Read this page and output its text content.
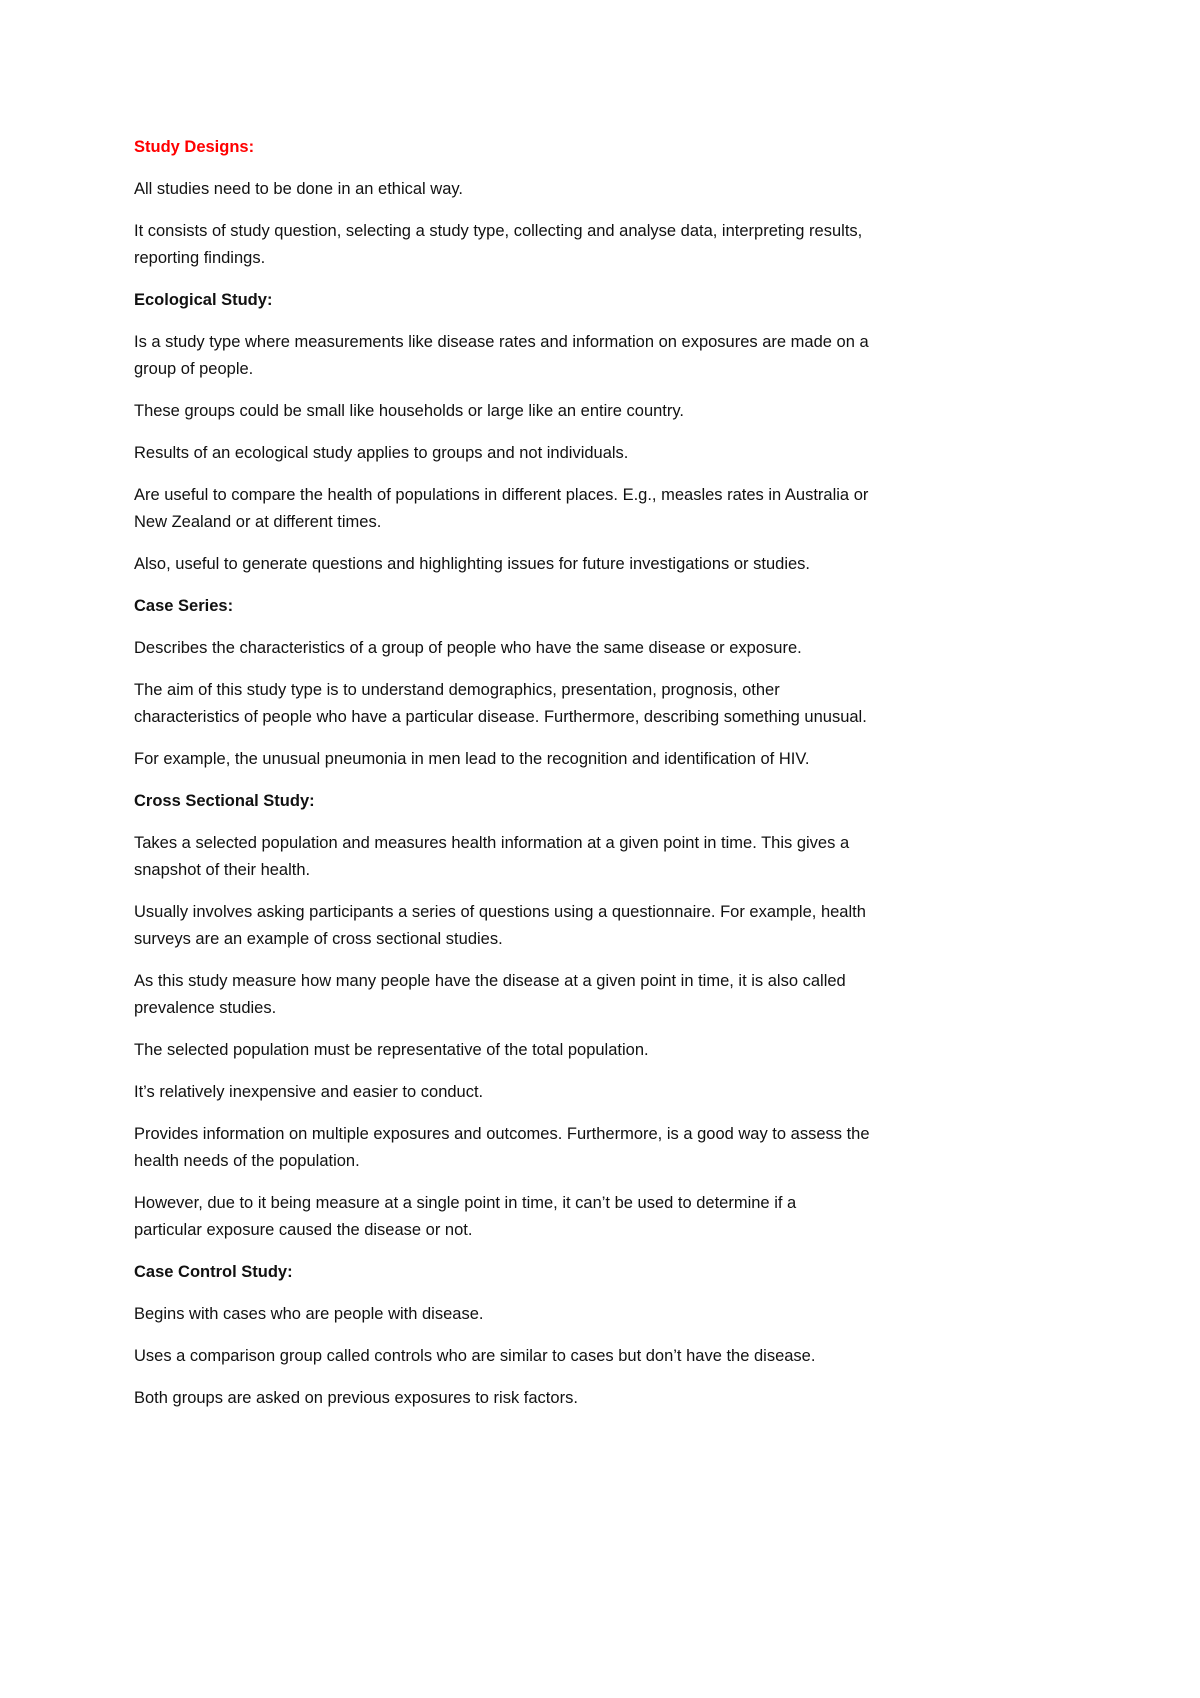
Study Designs:
All studies need to be done in an ethical way.
It consists of study question, selecting a study type, collecting and analyse data, interpreting results,
reporting findings.
Ecological Study:
Is a study type where measurements like disease rates and information on exposures are made on a
group of people.
These groups could be small like households or large like an entire country.
Results of an ecological study applies to groups and not individuals.
Are useful to compare the health of populations in different places. E.g., measles rates in Australia or
New Zealand or at different times.
Also, useful to generate questions and highlighting issues for future investigations or studies.
Case Series:
Describes the characteristics of a group of people who have the same disease or exposure.
The aim of this study type is to understand demographics, presentation, prognosis, other
characteristics of people who have a particular disease. Furthermore, describing something unusual.
For example, the unusual pneumonia in men lead to the recognition and identification of HIV.
Cross Sectional Study:
Takes a selected population and measures health information at a given point in time. This gives a
snapshot of their health.
Usually involves asking participants a series of questions using a questionnaire. For example, health
surveys are an example of cross sectional studies.
As this study measure how many people have the disease at a given point in time, it is also called
prevalence studies.
The selected population must be representative of the total population.
It’s relatively inexpensive and easier to conduct.
Provides information on multiple exposures and outcomes. Furthermore, is a good way to assess the
health needs of the population.
However, due to it being measure at a single point in time, it can’t be used to determine if a
particular exposure caused the disease or not.
Case Control Study:
Begins with cases who are people with disease.
Uses a comparison group called controls who are similar to cases but don’t have the disease.
Both groups are asked on previous exposures to risk factors.
